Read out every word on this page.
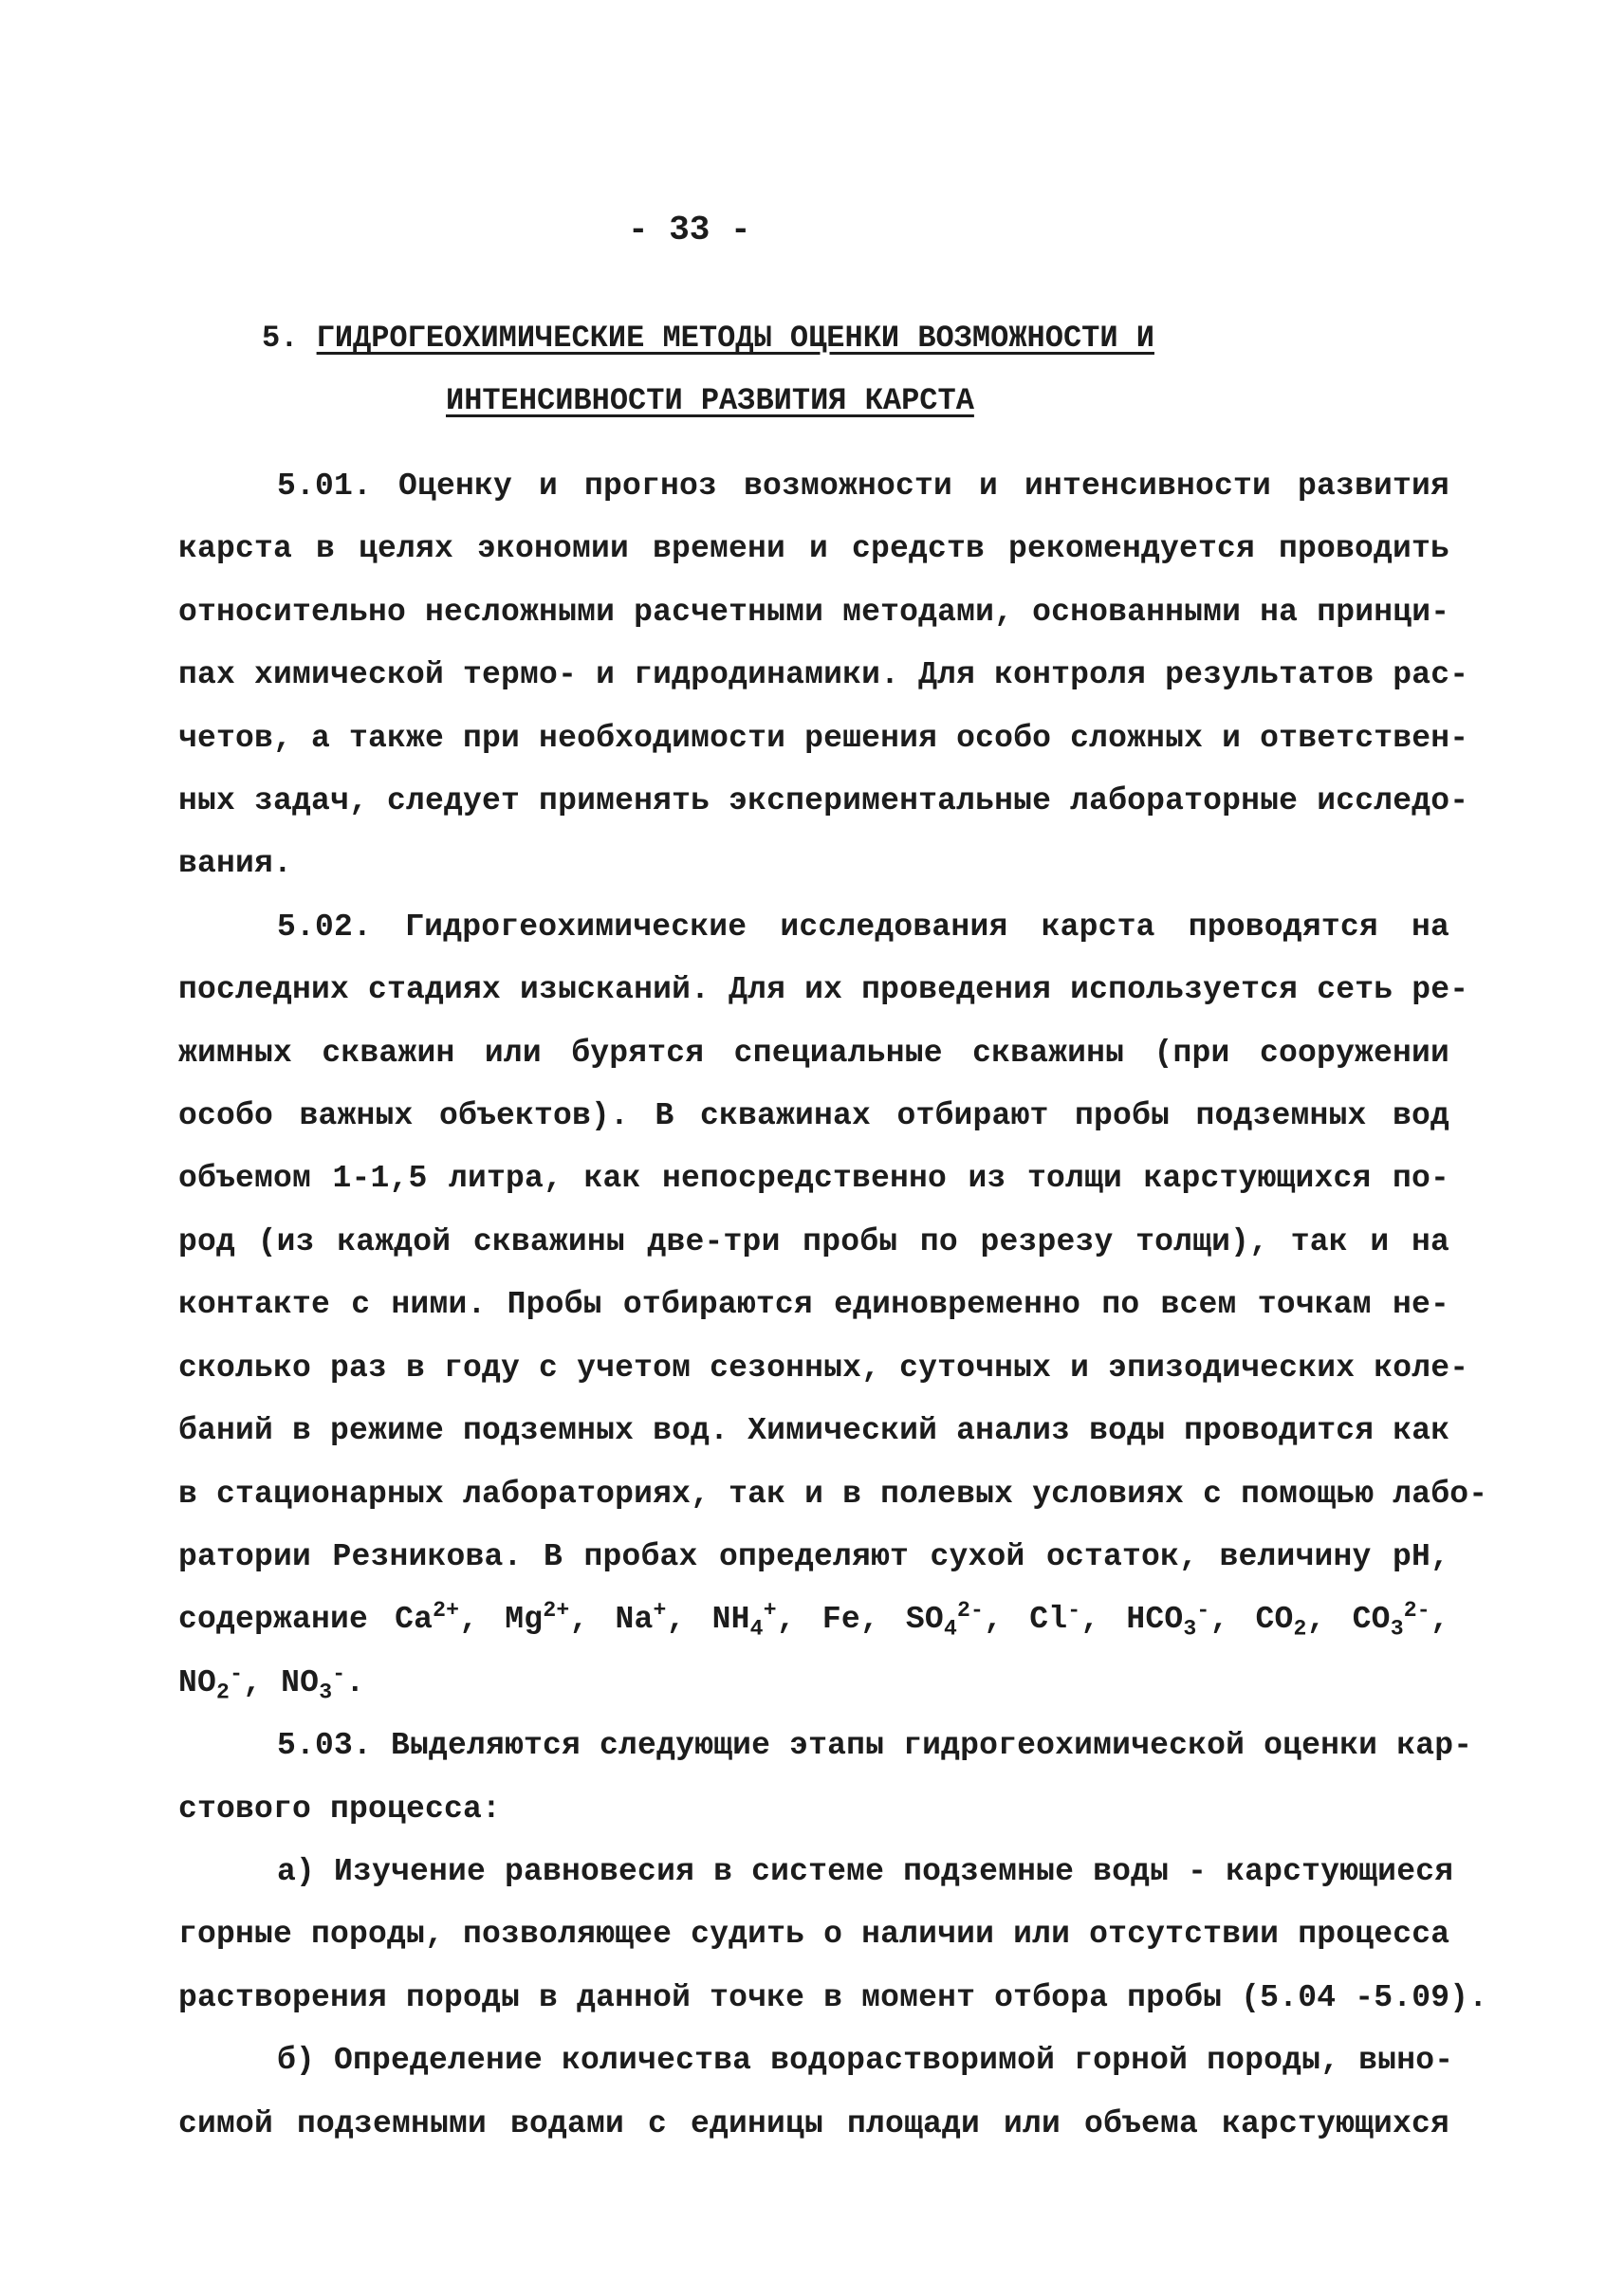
- 33 -
5. ГИДРОГЕОХИМИЧЕСКИЕ МЕТОДЫ ОЦЕНКИ ВОЗМОЖНОСТИ И
ИНТЕНСИВНОСТИ РАЗВИТИЯ КАРСТА
5.01. Оценку и прогноз возможности и интенсивности развития
карста в целях экономии времени и средств рекомендуется проводить
относительно несложными расчетными методами, основанными на принци-
пах химической термо- и гидродинамики. Для контроля результатов рас-
четов, а также при необходимости решения особо сложных и ответствен-
ных задач, следует применять экспериментальные лабораторные исследо-
вания.
5.02. Гидрогеохимические исследования карста проводятся на
последних стадиях изысканий. Для их проведения используется сеть ре-
жимных скважин или бурятся специальные скважины (при сооружении
особо важных объектов). В скважинах отбирают пробы подземных вод
объемом 1-1,5 литра, как непосредственно из толщи карстующихся по-
род (из каждой скважины две-три пробы по резрезу толщи), так и на
контакте с ними. Пробы отбираются единовременно по всем точкам не-
сколько раз в году с учетом сезонных, суточных и эпизодических коле-
баний в режиме подземных вод. Химический анализ воды проводится как
в стационарных лабораториях, так и в полевых условиях с помощью лабо-
ратории Резникова. В пробах определяют сухой остаток, величину pH,
содержание $Ca^{2+}$, $Mg^{2+}$, Na+, $NH_4^+$, Fe, $SO_4^{2-}$, Cl-, $HCO_3^-$, $CO_2$, $CO_3^{2-}$,
$NO_2^-$, $NO_3^-$.
5.03. Выделяются следующие этапы гидрогеохимической оценки кар-
стового процесса:
а) Изучение равновесия в системе подземные воды - карстующиеся
горные породы, позволяющее судить о наличии или отсутствии процесса
растворения породы в данной точке в момент отбора пробы (5.04 -5.09).
б) Определение количества водорастворимой горной породы, выно-
симой подземными водами с единицы площади или объема карстующихся
